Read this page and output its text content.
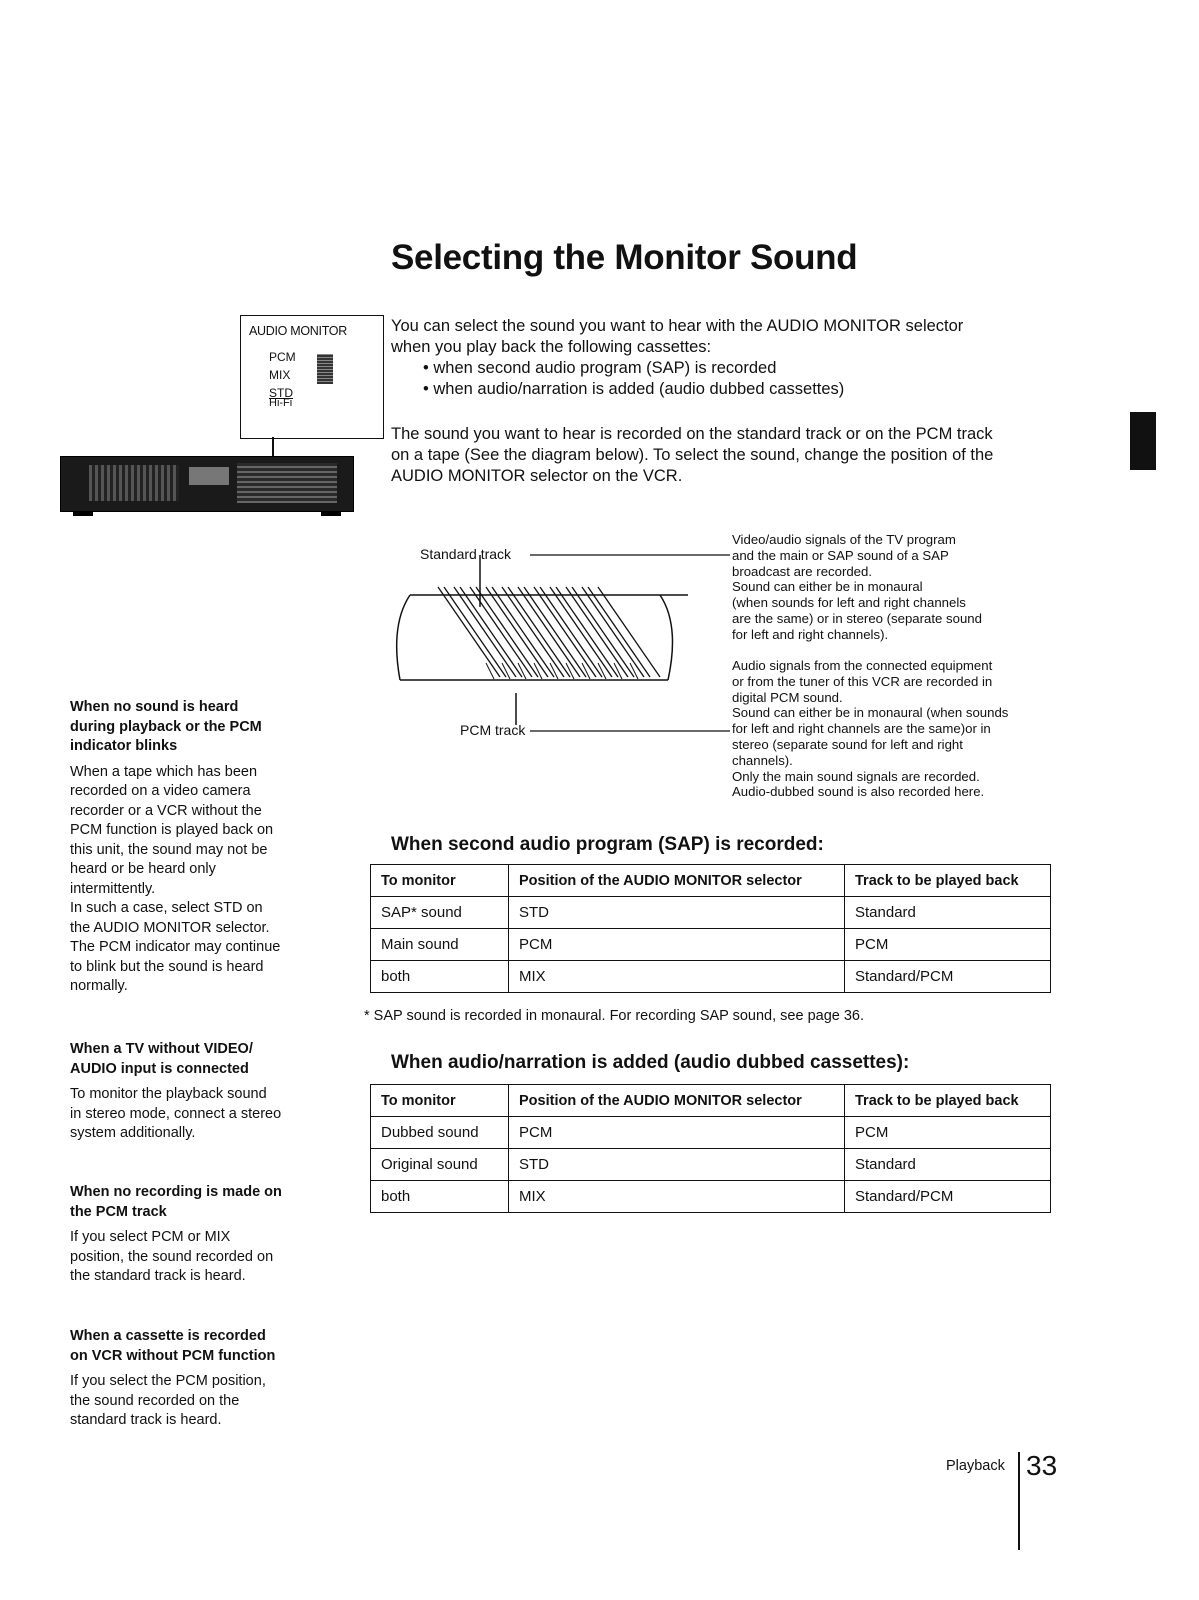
Selecting the Monitor Sound

You can select the sound you want to hear with the AUDIO MONITOR selector

when you play back the following cassettes:

• when second audio program (SAP) is recorded

• when audio/narration is added (audio dubbed cassettes)

The sound you want to hear is recorded on the standard track or on the PCM track
on a tape (See the diagram below). To select the sound, change the position of the
AUDIO MONITOR selector on the VCR.
AUDIO MONITOR
PCM
MIX
STD
Hi-Fi
Standard track
PCM track
Video/audio signals of the TV program
and the main or SAP sound of a SAP
broadcast are recorded.
Sound can either be in monaural
(when sounds for left and right channels
are the same) or in stereo (separate sound
for left and right channels).
Audio signals from the connected equipment
or from the tuner of this VCR are recorded in
digital PCM sound.
Sound can either be in monaural (when sounds
for left and right channels are the same)or in
stereo (separate sound for left and right
channels).
Only the main sound signals are recorded.
Audio-dubbed sound is also recorded here.
When no sound is heard
during playback or the PCM
indicator blinks

When a tape which has been
recorded on a video camera
recorder or a VCR without the
PCM function is played back on
this unit, the sound may not be
heard or be heard only
intermittently.
In such a case, select STD on
the AUDIO MONITOR selector.
The PCM indicator may continue
to blink but the sound is heard
normally.

When a TV without VIDEO/
AUDIO input is connected

To monitor the playback sound
in stereo mode, connect a stereo
system additionally.

When no recording is made on
the PCM track

If you select PCM or MIX
position, the sound recorded on
the standard track is heard.

When a cassette is recorded
on VCR without PCM function

If you select the PCM position,
the sound recorded on the
standard track is heard.

When second audio program (SAP) is recorded:
To monitor	Position of the AUDIO MONITOR selector	Track to be played back
SAP* sound	STD	Standard
Main sound	PCM	PCM
both	MIX	Standard/PCM
* SAP sound is recorded in monaural. For recording SAP sound, see page 36.
When audio/narration is added (audio dubbed cassettes):
To monitor	Position of the AUDIO MONITOR selector	Track to be played back
Dubbed sound	PCM	PCM
Original sound	STD	Standard
both	MIX	Standard/PCM
Playback 33
